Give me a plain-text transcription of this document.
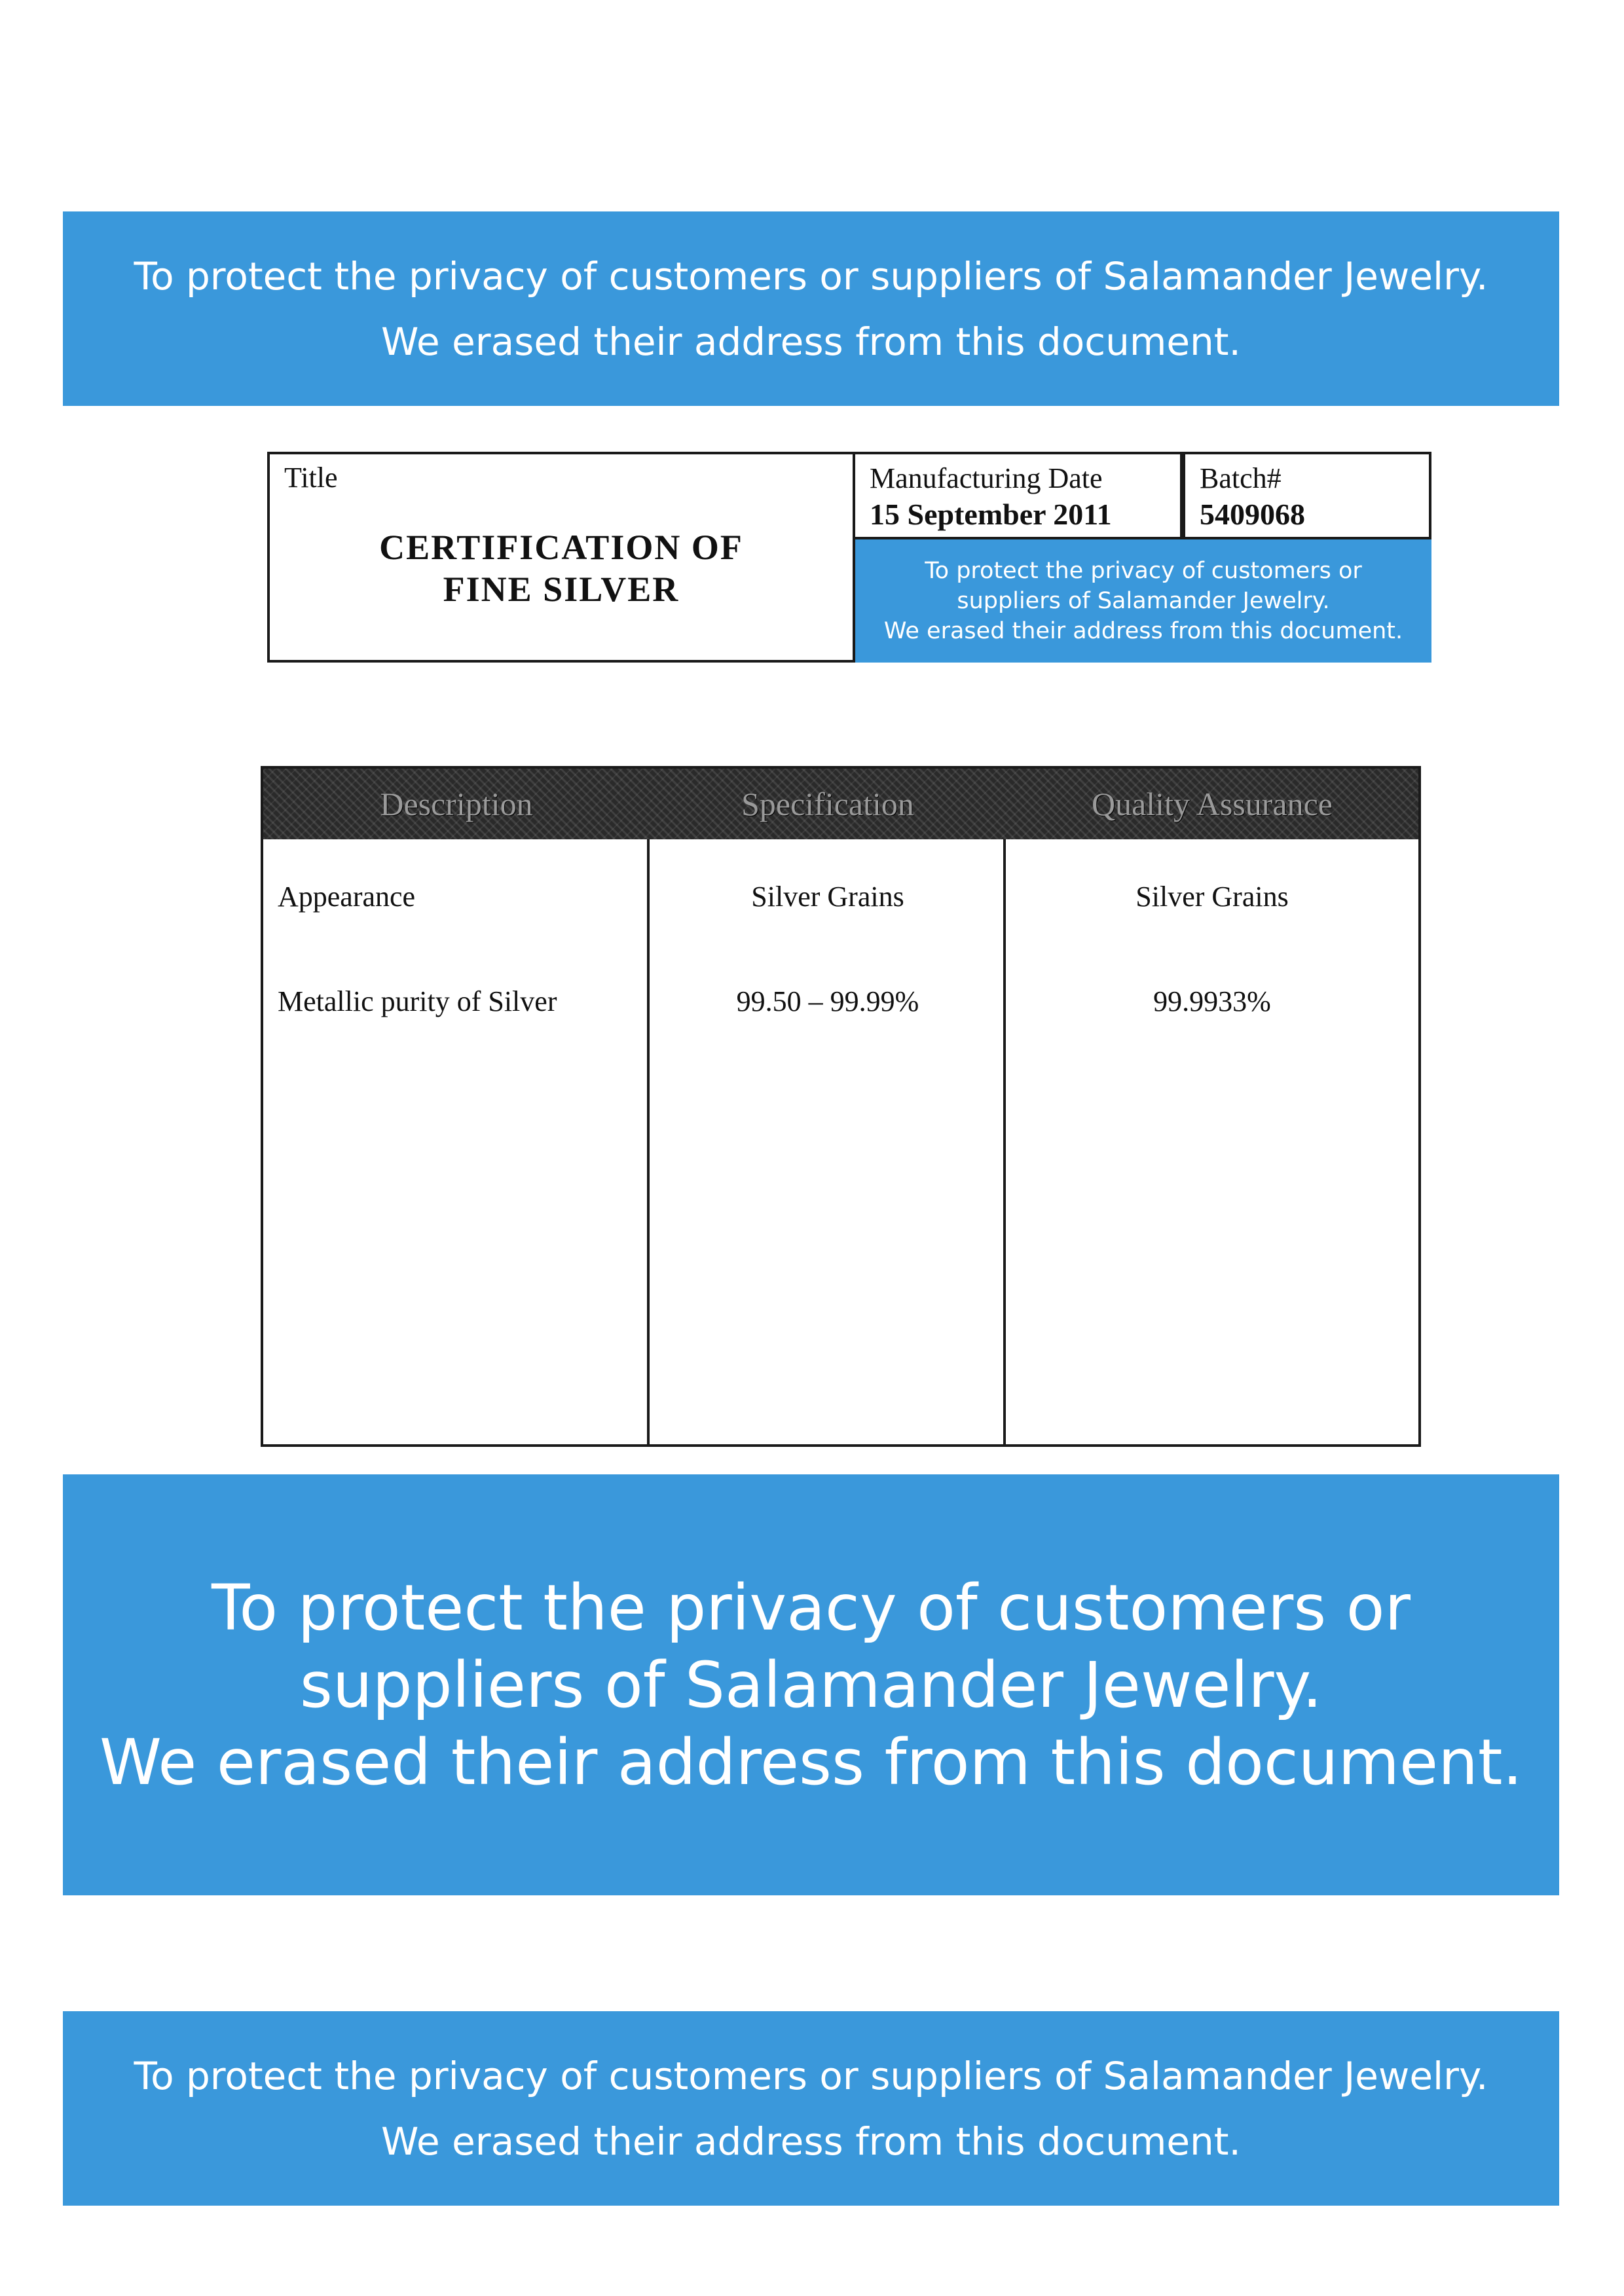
To protect the privacy of customers or suppliers of Salamander Jewelry.
We erased their address from this document.
Title
CERTIFICATION OF
FINE SILVER
Manufacturing Date
15 September 2011
Batch#
5409068
To protect the privacy of customers or
suppliers of Salamander Jewelry.
We erased their address from this document.
Description	Specification	Quality Assurance
Appearance	Silver Grains	Silver Grains
Metallic purity of Silver	99.50 – 99.99%	99.9933%
To protect the privacy of customers or
suppliers of Salamander Jewelry.
We erased their address from this document.
To protect the privacy of customers or suppliers of Salamander Jewelry.
We erased their address from this document.
